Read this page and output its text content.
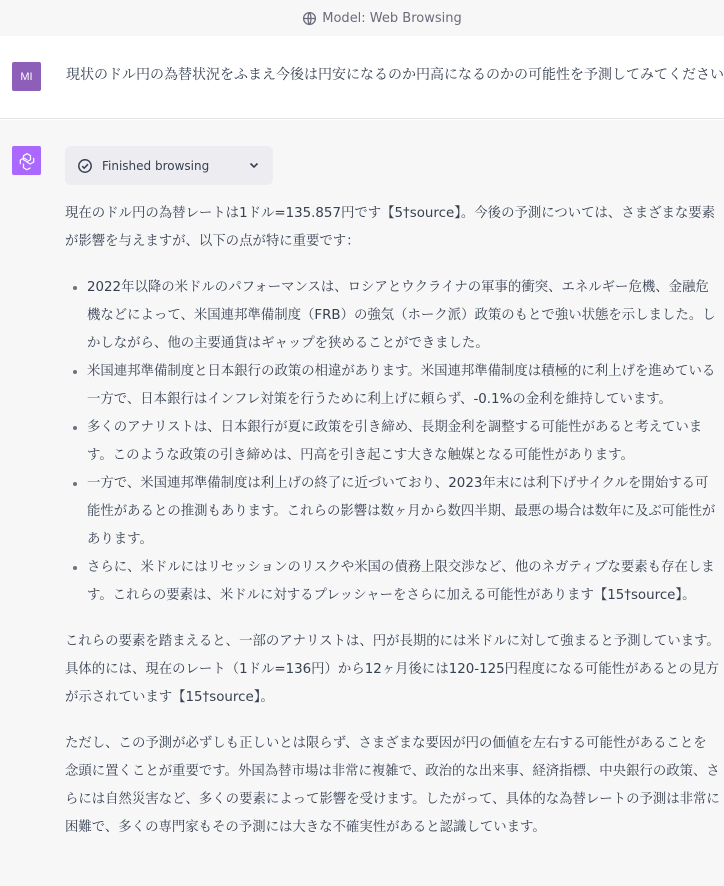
Model: Web Browsing
MI	現状のドル円の為替状況をふまえ今後は円安になるのか円高になるのかの可能性を予測してみてください
Finished browsing

現在のドル円の為替レートは1ドル=135.857円です【5†source】。今後の予測については、さまざまな要素が影響を与えますが、以下の点が特に重要です：

• 2022年以降の米ドルのパフォーマンスは、ロシアとウクライナの軍事的衝突、エネルギー危機、金融危機などによって、米国連邦準備制度（FRB）の強気（ホーク派）政策のもとで強い状態を示しました。しかしながら、他の主要通貨はギャップを狭めることができました。
• 米国連邦準備制度と日本銀行の政策の相違があります。米国連邦準備制度は積極的に利上げを進めている一方で、日本銀行はインフレ対策を行うために利上げに頼らず、-0.1%の金利を維持しています。
• 多くのアナリストは、日本銀行が夏に政策を引き締め、長期金利を調整する可能性があると考えています。このような政策の引き締めは、円高を引き起こす大きな触媒となる可能性があります。
• 一方で、米国連邦準備制度は利上げの終了に近づいており、2023年末には利下げサイクルを開始する可能性があるとの推測もあります。これらの影響は数ヶ月から数四半期、最悪の場合は数年に及ぶ可能性があります。
• さらに、米ドルにはリセッションのリスクや米国の債務上限交渉など、他のネガティブな要素も存在します。これらの要素は、米ドルに対するプレッシャーをさらに加える可能性があります【15†source】。

これらの要素を踏まえると、一部のアナリストは、円が長期的には米ドルに対して強まると予測しています。具体的には、現在のレート（1ドル=136円）から12ヶ月後には120-125円程度になる可能性があるとの見方が示されています【15†source】。

ただし、この予測が必ずしも正しいとは限らず、さまざまな要因が円の価値を左右する可能性があることを念頭に置くことが重要です。外国為替市場は非常に複雑で、政治的な出来事、経済指標、中央銀行の政策、さらには自然災害など、多くの要素によって影響を受けます。したがって、具体的な為替レートの予測は非常に困難で、多くの専門家もその予測には大きな不確実性があると認識しています。
